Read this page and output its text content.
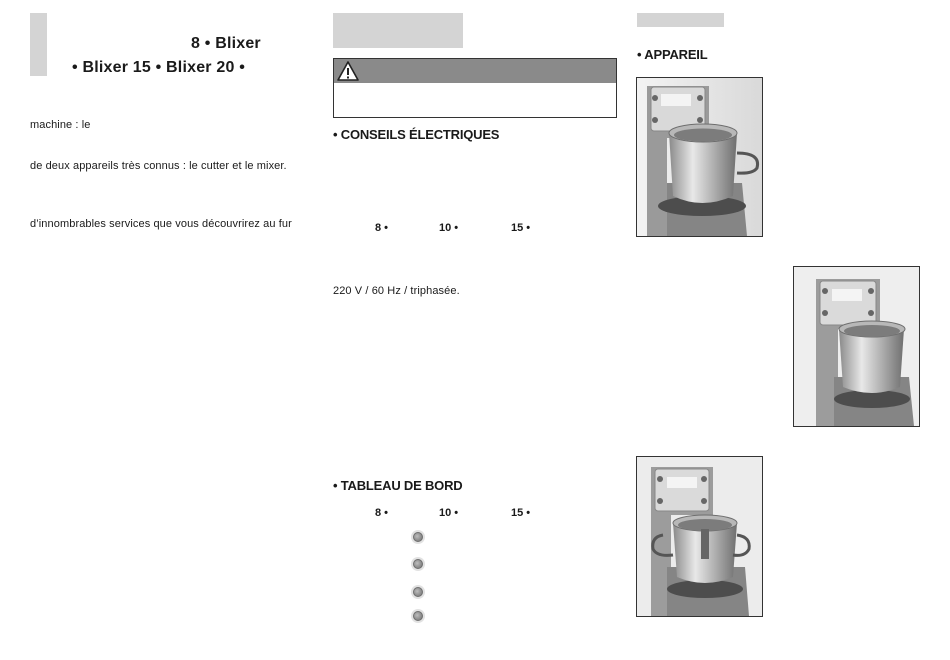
8 • Blixer
• Blixer 15 • Blixer 20 •
machine : le
de deux appareils très connus : le cutter et le mixer.
d’innombrables services que vous découvrirez au fur
• CONSEILS ÉLECTRIQUES
8 •	10 •	15 •
220 V / 60 Hz / triphasée.
• TABLEAU DE BORD
8 •	10 •	15 •
• APPAREIL
